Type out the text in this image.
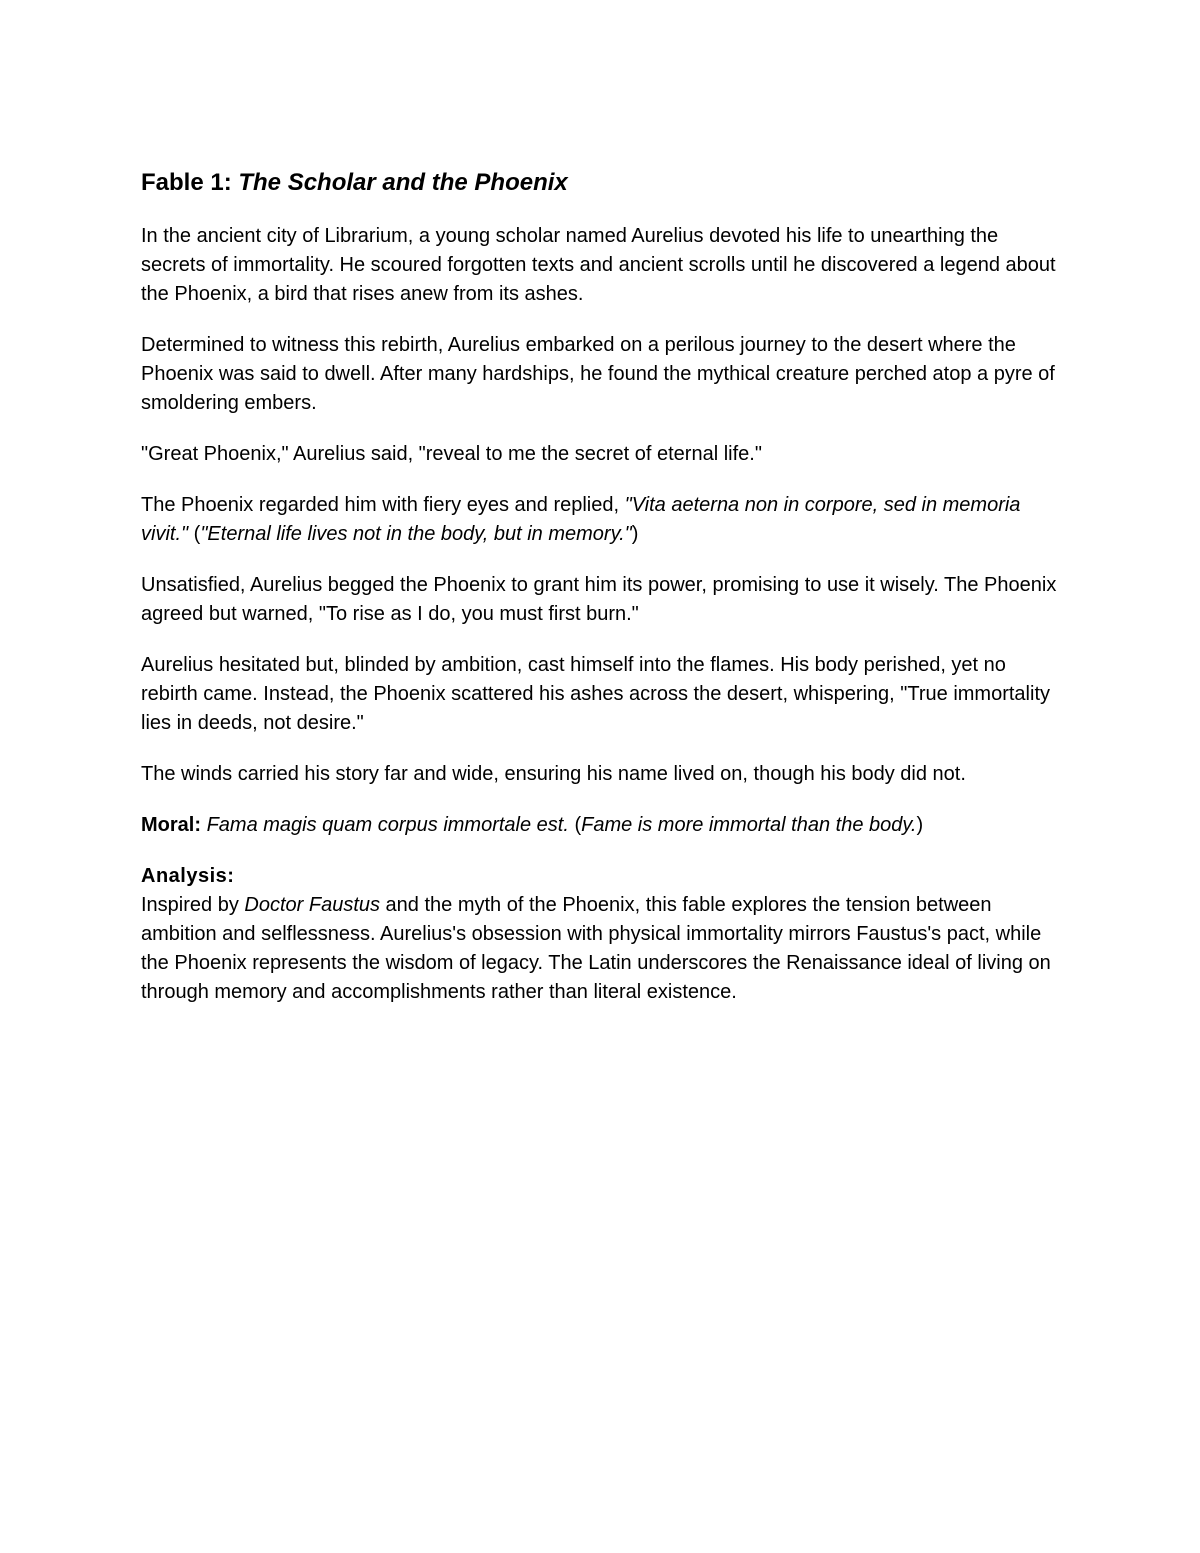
Fable 1: The Scholar and the Phoenix

In the ancient city of Librarium, a young scholar named Aurelius devoted his life to unearthing the secrets of immortality. He scoured forgotten texts and ancient scrolls until he discovered a legend about the Phoenix, a bird that rises anew from its ashes.

Determined to witness this rebirth, Aurelius embarked on a perilous journey to the desert where the Phoenix was said to dwell. After many hardships, he found the mythical creature perched atop a pyre of smoldering embers.

"Great Phoenix," Aurelius said, "reveal to me the secret of eternal life."

The Phoenix regarded him with fiery eyes and replied, "Vita aeterna non in corpore, sed in memoria vivit." ("Eternal life lives not in the body, but in memory.")

Unsatisfied, Aurelius begged the Phoenix to grant him its power, promising to use it wisely. The Phoenix agreed but warned, "To rise as I do, you must first burn."

Aurelius hesitated but, blinded by ambition, cast himself into the flames. His body perished, yet no rebirth came. Instead, the Phoenix scattered his ashes across the desert, whispering, "True immortality lies in deeds, not desire."

The winds carried his story far and wide, ensuring his name lived on, though his body did not.

Moral: Fama magis quam corpus immortale est. (Fame is more immortal than the body.)

Analysis:

Inspired by Doctor Faustus and the myth of the Phoenix, this fable explores the tension between ambition and selflessness. Aurelius's obsession with physical immortality mirrors Faustus's pact, while the Phoenix represents the wisdom of legacy. The Latin underscores the Renaissance ideal of living on through memory and accomplishments rather than literal existence.
